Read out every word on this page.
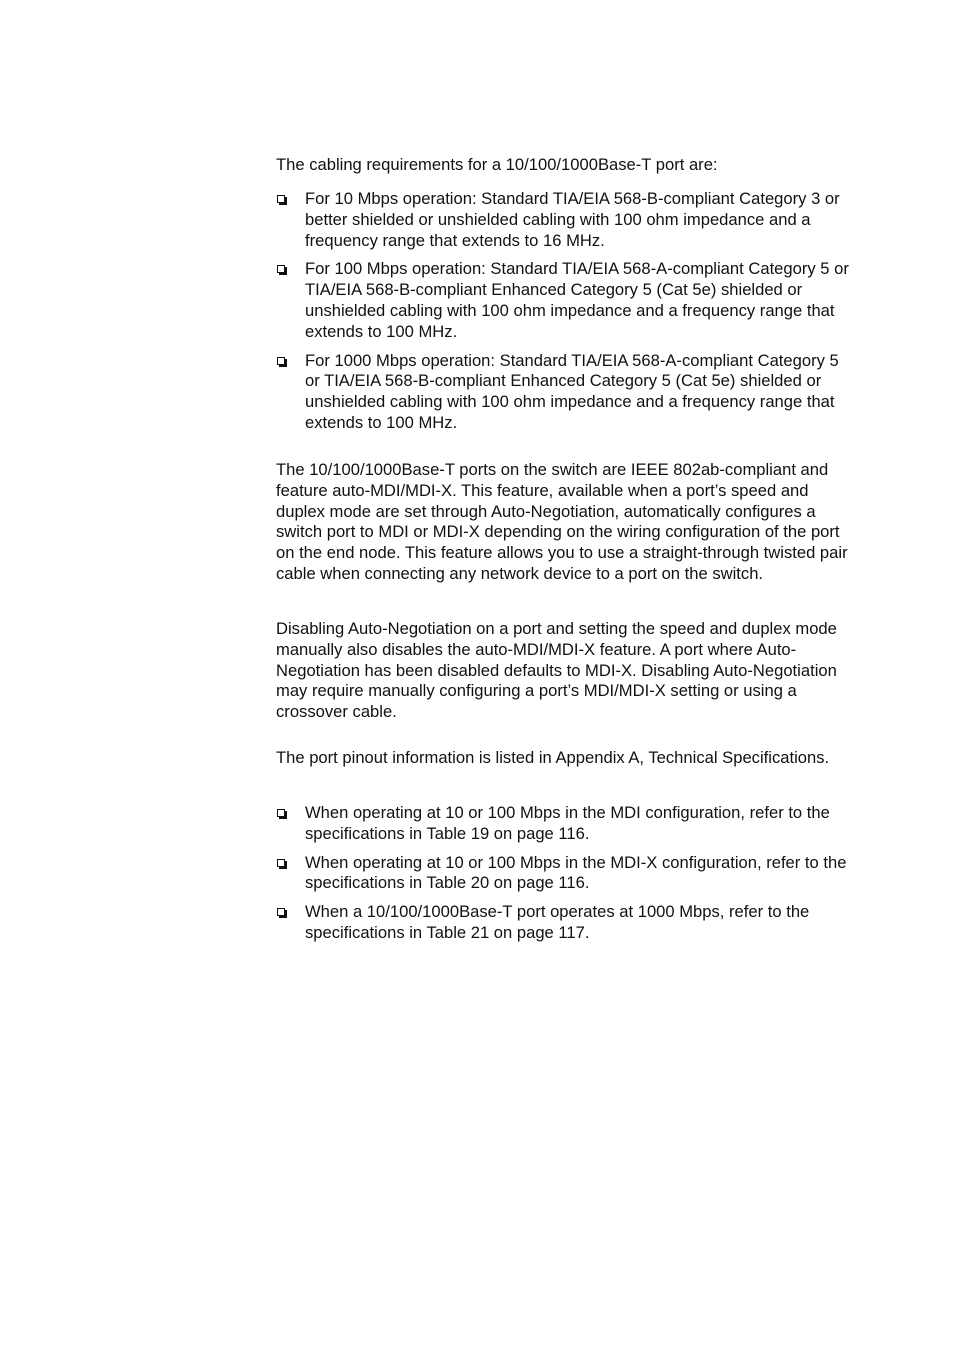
The cabling requirements for a 10/100/1000Base-T port are:

For 10 Mbps operation: Standard TIA/EIA 568-B-compliant Category 3 or better shielded or unshielded cabling with 100 ohm impedance and a frequency range that extends to 16 MHz.
For 100 Mbps operation: Standard TIA/EIA 568-A-compliant Category 5 or TIA/EIA 568-B-compliant Enhanced Category 5 (Cat 5e) shielded or unshielded cabling with 100 ohm impedance and a frequency range that extends to 100 MHz.
For 1000 Mbps operation: Standard TIA/EIA 568-A-compliant Category 5 or TIA/EIA 568-B-compliant Enhanced Category 5 (Cat 5e) shielded or unshielded cabling with 100 ohm impedance and a frequency range that extends to 100 MHz.

The 10/100/1000Base-T ports on the switch are IEEE 802ab-compliant and feature auto-MDI/MDI-X. This feature, available when a port’s speed and duplex mode are set through Auto-Negotiation, automatically configures a switch port to MDI or MDI-X depending on the wiring configuration of the port on the end node. This feature allows you to use a straight-through twisted pair cable when connecting any network device to a port on the switch.

Disabling Auto-Negotiation on a port and setting the speed and duplex mode manually also disables the auto-MDI/MDI-X feature. A port where Auto-Negotiation has been disabled defaults to MDI-X. Disabling Auto-Negotiation may require manually configuring a port’s MDI/MDI-X setting or using a crossover cable.

The port pinout information is listed in Appendix A, Technical Specifications.

When operating at 10 or 100 Mbps in the MDI configuration, refer to the specifications in Table 19 on page 116.
When operating at 10 or 100 Mbps in the MDI-X configuration, refer to the specifications in Table 20 on page 116.
When a 10/100/1000Base-T port operates at 1000 Mbps, refer to the specifications in Table 21 on page 117.
